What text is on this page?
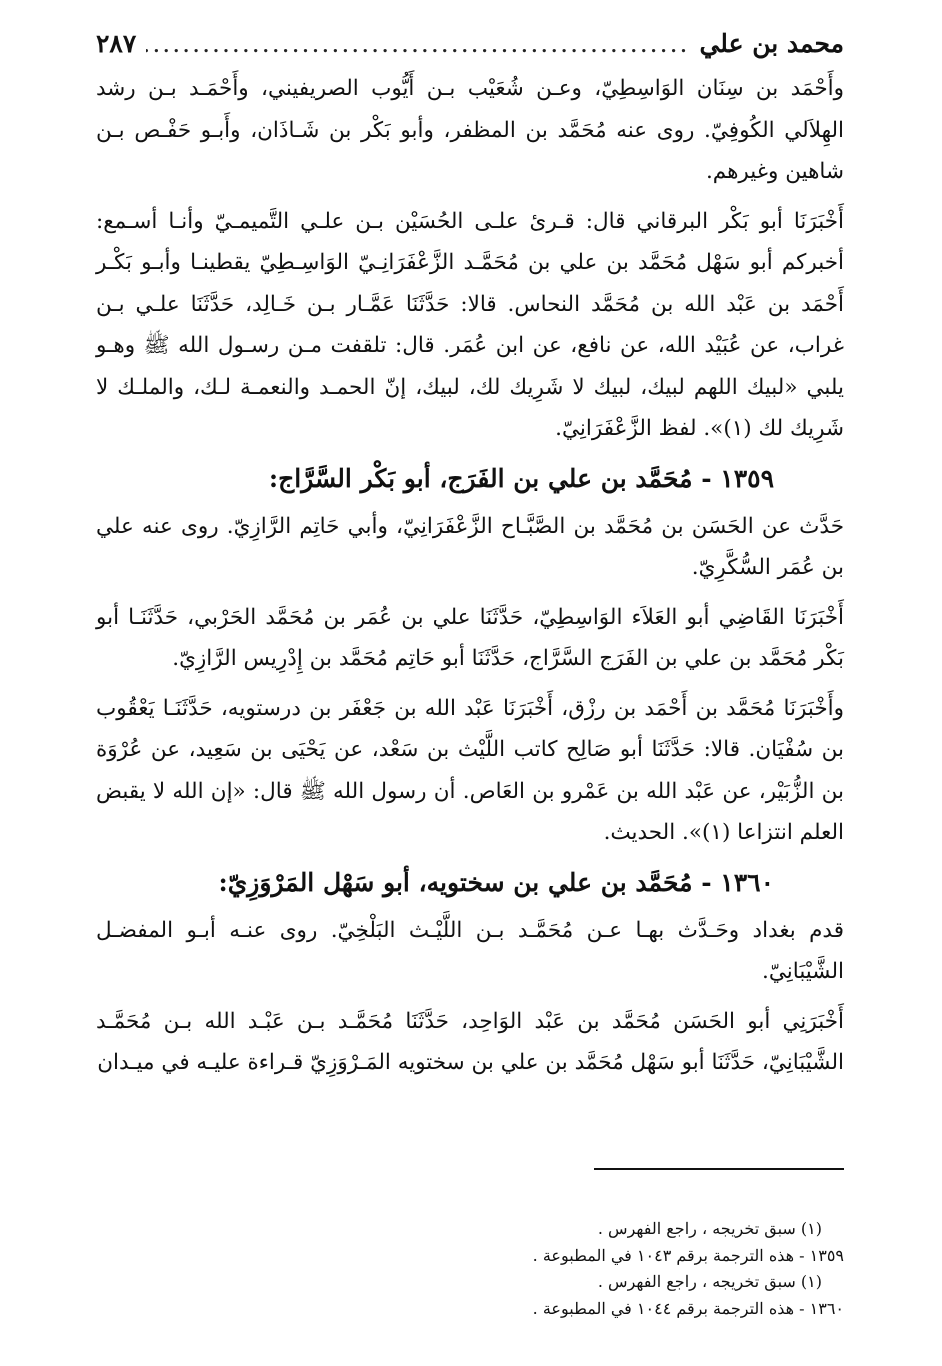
محمد بن علي
.....
٢٨٧

وأَحْمَد بن سِنَان الوَاسِطِيّ، وعـن شُعَيْب بـن أَيُّوب الصريفيني، وأَحْمَـد بـن رشد الهِلاَلي الكُوفِيّ. روى عنه مُحَمَّد بن المظفر، وأبو بَكْر بن شَـاذَان، وأَبـو حَفْـص بـن شاهين وغيرهم.

أَخْبَرَنَا أبو بَكْر البرقاني قال: قـرئ علـى الحُسَيْن بـن علـي التَّميمـيّ وأنـا أسـمع: أخبركم أبو سَهْل مُحَمَّد بن علي بن مُحَمَّـد الزَّعْفَرَانِـيّ الوَاسِـطِيّ يقطينـا وأبـو بَكْـر أَحْمَد بن عَبْد الله بن مُحَمَّد النحاس. قالا: حَدَّثَنَا عَمَّـار بـن خَـالِد، حَدَّثَنَا علـي بـن غراب، عن عُبَيْد الله، عن نافع، عن ابن عُمَر. قال: تلقفت مـن رسـول الله ﷺ وهـو يلبي «لبيك اللهم لبيك، لبيك لا شَرِيك لك، لبيك، إنّ الحمـد والنعمـة لـك، والملـك لا شَرِيك لك (١)». لفظ الزَّعْفَرَانِيّ.

١٣٥٩ - مُحَمَّد بن علي بن الفَرَج، أبو بَكْر السَّرَّاج:

حَدَّث عن الحَسَن بن مُحَمَّد بن الصَّبَّـاح الزَّعْفَرَانِيّ، وأبي حَاتِم الرَّازِيّ. روى عنه علي بن عُمَر السُّكَّرِيّ.

أَخْبَرَنَا القَاضِي أبو العَلاَء الوَاسِطِيّ، حَدَّثَنَا علي بن عُمَر بن مُحَمَّد الحَرْبي، حَدَّثَنَـا أبو بَكْر مُحَمَّد بن علي بن الفَرَج السَّرَّاج، حَدَّثَنَا أبو حَاتِم مُحَمَّد بن إِدْرِيس الرَّازِيّ.

وأَخْبَرَنَا مُحَمَّد بن أَحْمَد بن رزْق، أَخْبَرَنَا عَبْد الله بن جَعْفَر بن درستويه، حَدَّثَنَـا يَعْقُوب بن سُفْيَان. قالا: حَدَّثَنَا أبو صَالِح كاتب اللَّيْث بن سَعْد، عن يَحْيَى بن سَعِيد، عن عُرْوَة بن الزُّبَيْر، عن عَبْد الله بن عَمْرو بن العَاص. أن رسول الله ﷺ قال: «إن الله لا يقبض العلم انتزاعا (١)». الحديث.

١٣٦٠ - مُحَمَّد بن علي بن سختويه، أبو سَهْل المَرْوَزِيّ:

قدم بغداد وحَـدَّث بهـا عـن مُحَمَّـد بـن اللَّيْـث البَلْخِيّ. روى عنـه أبـو المفضـل الشَّيْبَانِيّ.

أَخْبَرَنِي أبو الحَسَن مُحَمَّد بن عَبْد الوَاحِد، حَدَّثَنَا مُحَمَّـد بـن عَبْـد الله بـن مُحَمَّـد الشَّيْبَانِيّ، حَدَّثَنَا أبو سَهْل مُحَمَّد بن علي بن سختويه المَـرْوَزِيّ قـراءة عليـه في ميـدان

(١) سبق تخريجه ، راجع الفهرس .

١٣٥٩ - هذه الترجمة برقم ١٠٤٣ في المطبوعة .

(١) سبق تخريجه ، راجع الفهرس .

١٣٦٠ - هذه الترجمة برقم ١٠٤٤ في المطبوعة .
